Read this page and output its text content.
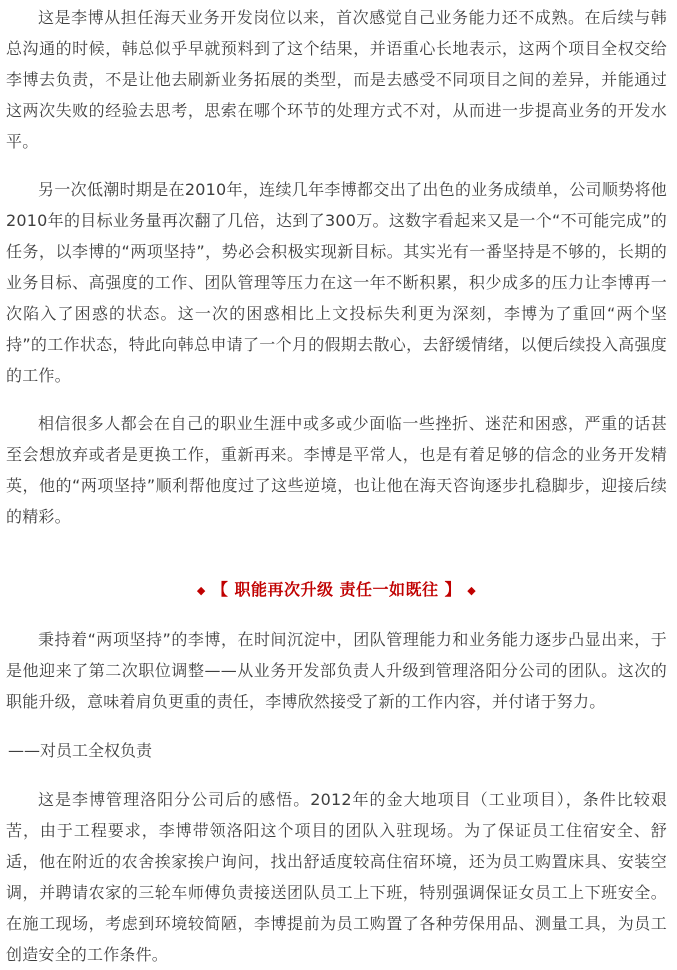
这是李博从担任海天业务开发岗位以来，首次感觉自己业务能力还不成熟。在后续与韩总沟通的时候，韩总似乎早就预料到了这个结果，并语重心长地表示，这两个项目全权交给李博去负责，不是让他去刷新业务拓展的类型，而是去感受不同项目之间的差异，并能通过这两次失败的经验去思考，思索在哪个环节的处理方式不对，从而进一步提高业务的开发水平。

另一次低潮时期是在2010年，连续几年李博都交出了出色的业务成绩单，公司顺势将他2010年的目标业务量再次翻了几倍，达到了300万。这数字看起来又是一个“不可能完成”的任务，以李博的“两项坚持”，势必会积极实现新目标。其实光有一番坚持是不够的，长期的业务目标、高强度的工作、团队管理等压力在这一年不断积累，积少成多的压力让李博再一次陷入了困惑的状态。这一次的困惑相比上文投标失利更为深刻，李博为了重回“两个坚持”的工作状态，特此向韩总申请了一个月的假期去散心，去舒缓情绪，以便后续投入高强度的工作。

相信很多人都会在自己的职业生涯中或多或少面临一些挫折、迷茫和困惑，严重的话甚至会想放弃或者是更换工作，重新再来。李博是平常人，也是有着足够的信念的业务开发精英，他的“两项坚持”顺利帮他度过了这些逆境，也让他在海天咨询逐步扎稳脚步，迎接后续的精彩。

◆ 【 职能再次升级 责任一如既往 】 ◆

秉持着“两项坚持”的李博，在时间沉淀中，团队管理能力和业务能力逐步凸显出来，于是他迎来了第二次职位调整——从业务开发部负责人升级到管理洛阳分公司的团队。这次的职能升级，意味着肩负更重的责任，李博欣然接受了新的工作内容，并付诸于努力。

——对员工全权负责

这是李博管理洛阳分公司后的感悟。2012年的金大地项目（工业项目），条件比较艰苦，由于工程要求，李博带领洛阳这个项目的团队入驻现场。为了保证员工住宿安全、舒适，他在附近的农舍挨家挨户询问，找出舒适度较高住宿环境，还为员工购置床具、安装空调，并聘请农家的三轮车师傅负责接送团队员工上下班，特别强调保证女员工上下班安全。在施工现场，考虑到环境较简陋，李博提前为员工购置了各种劳保用品、测量工具，为员工创造安全的工作条件。
